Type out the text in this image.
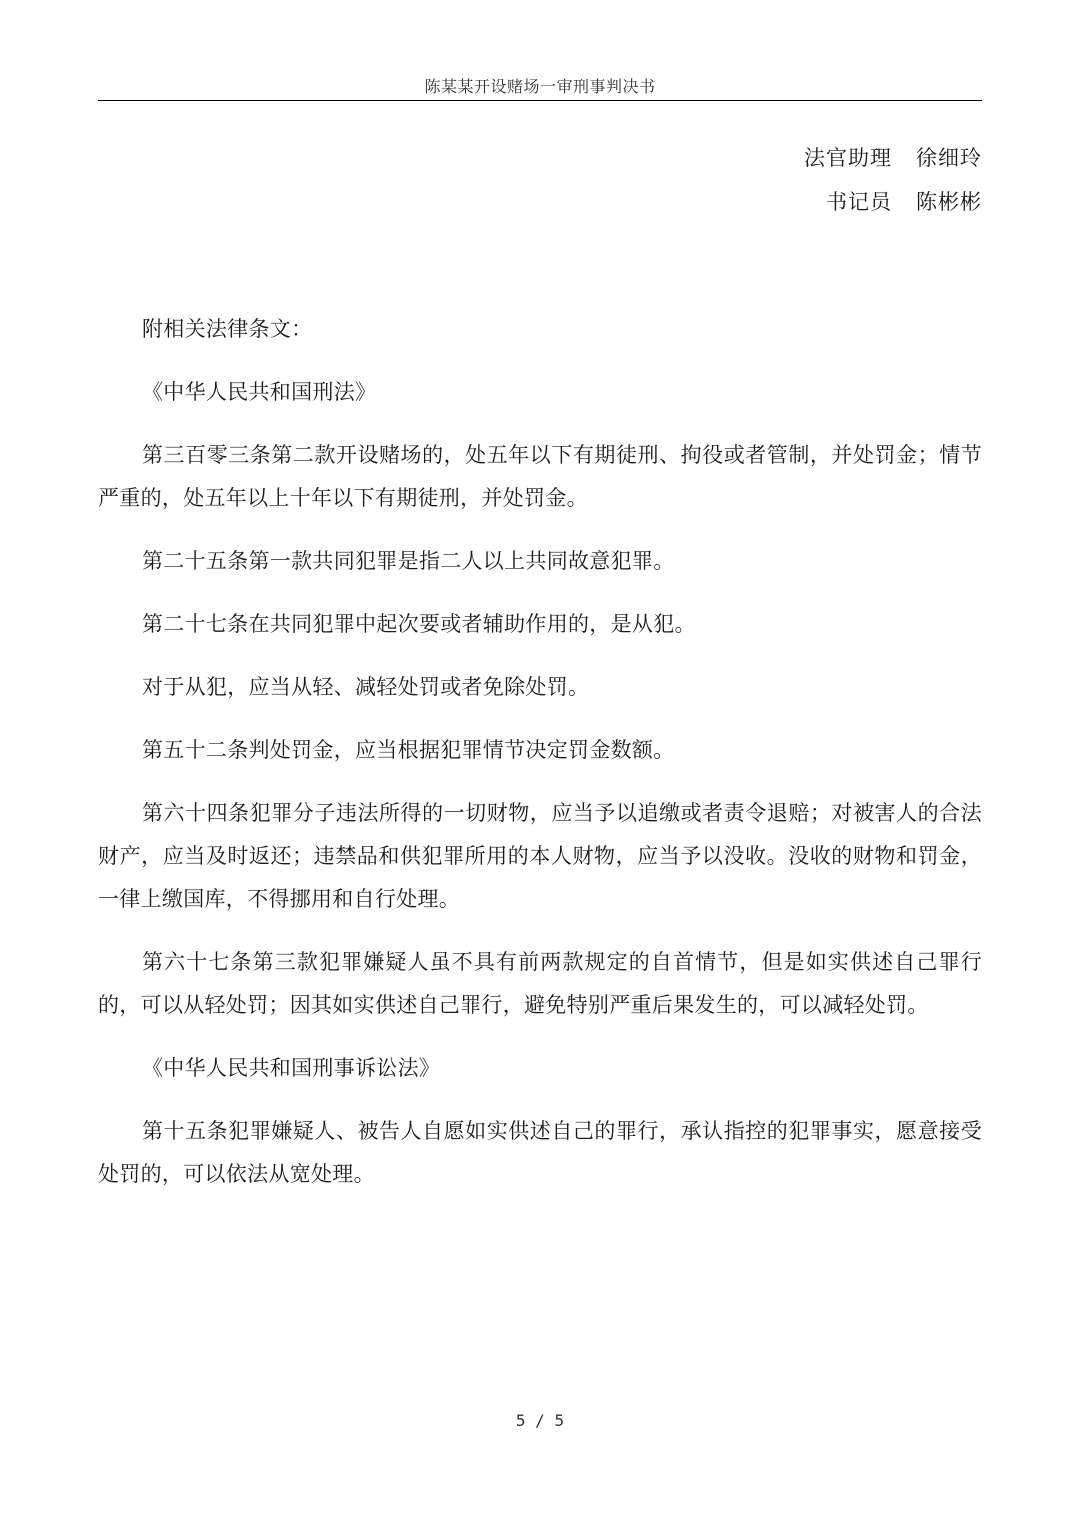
陈某某开设赌场一审刑事判决书
法官助理 徐细玲
书记员 陈彬彬

附相关法律条文：

《中华人民共和国刑法》

第三百零三条第二款开设赌场的，处五年以下有期徒刑、拘役或者管制，并处罚金；情节严重的，处五年以上十年以下有期徒刑，并处罚金。

第二十五条第一款共同犯罪是指二人以上共同故意犯罪。

第二十七条在共同犯罪中起次要或者辅助作用的，是从犯。

对于从犯，应当从轻、减轻处罚或者免除处罚。

第五十二条判处罚金，应当根据犯罪情节决定罚金数额。

第六十四条犯罪分子违法所得的一切财物，应当予以追缴或者责令退赔；对被害人的合法财产，应当及时返还；违禁品和供犯罪所用的本人财物，应当予以没收。没收的财物和罚金，一律上缴国库，不得挪用和自行处理。

第六十七条第三款犯罪嫌疑人虽不具有前两款规定的自首情节，但是如实供述自己罪行的，可以从轻处罚；因其如实供述自己罪行，避免特别严重后果发生的，可以减轻处罚。

《中华人民共和国刑事诉讼法》

第十五条犯罪嫌疑人、被告人自愿如实供述自己的罪行，承认指控的犯罪事实，愿意接受处罚的，可以依法从宽处理。

5 / 5
